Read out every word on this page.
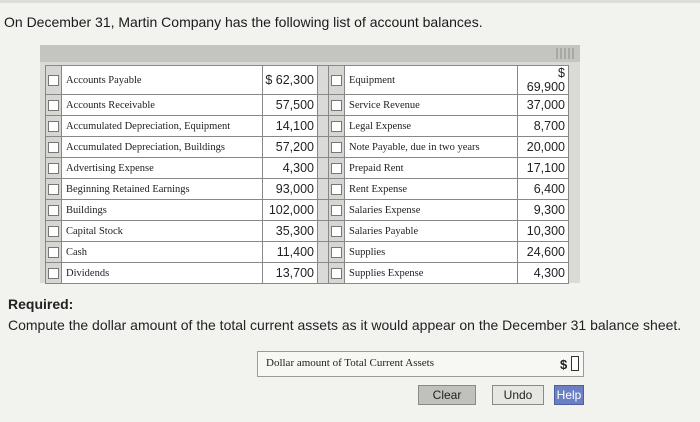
On December 31, Martin Company has the following list of account balances.
	Accounts Payable	$ 62,300			Equipment	$ 69,900
	Accounts Receivable	57,500			Service Revenue	37,000
	Accumulated Depreciation, Equipment	14,100			Legal Expense	8,700
	Accumulated Depreciation, Buildings	57,200			Note Payable, due in two years	20,000
	Advertising Expense	4,300			Prepaid Rent	17,100
	Beginning Retained Earnings	93,000			Rent Expense	6,400
	Buildings	102,000			Salaries Expense	9,300
	Capital Stock	35,300			Salaries Payable	10,300
	Cash	11,400			Supplies	24,600
	Dividends	13,700			Supplies Expense	4,300
Required:
Compute the dollar amount of the total current assets as it would appear on the December 31 balance sheet.
Dollar amount of Total Current Assets	$
Clear	Undo	Help
